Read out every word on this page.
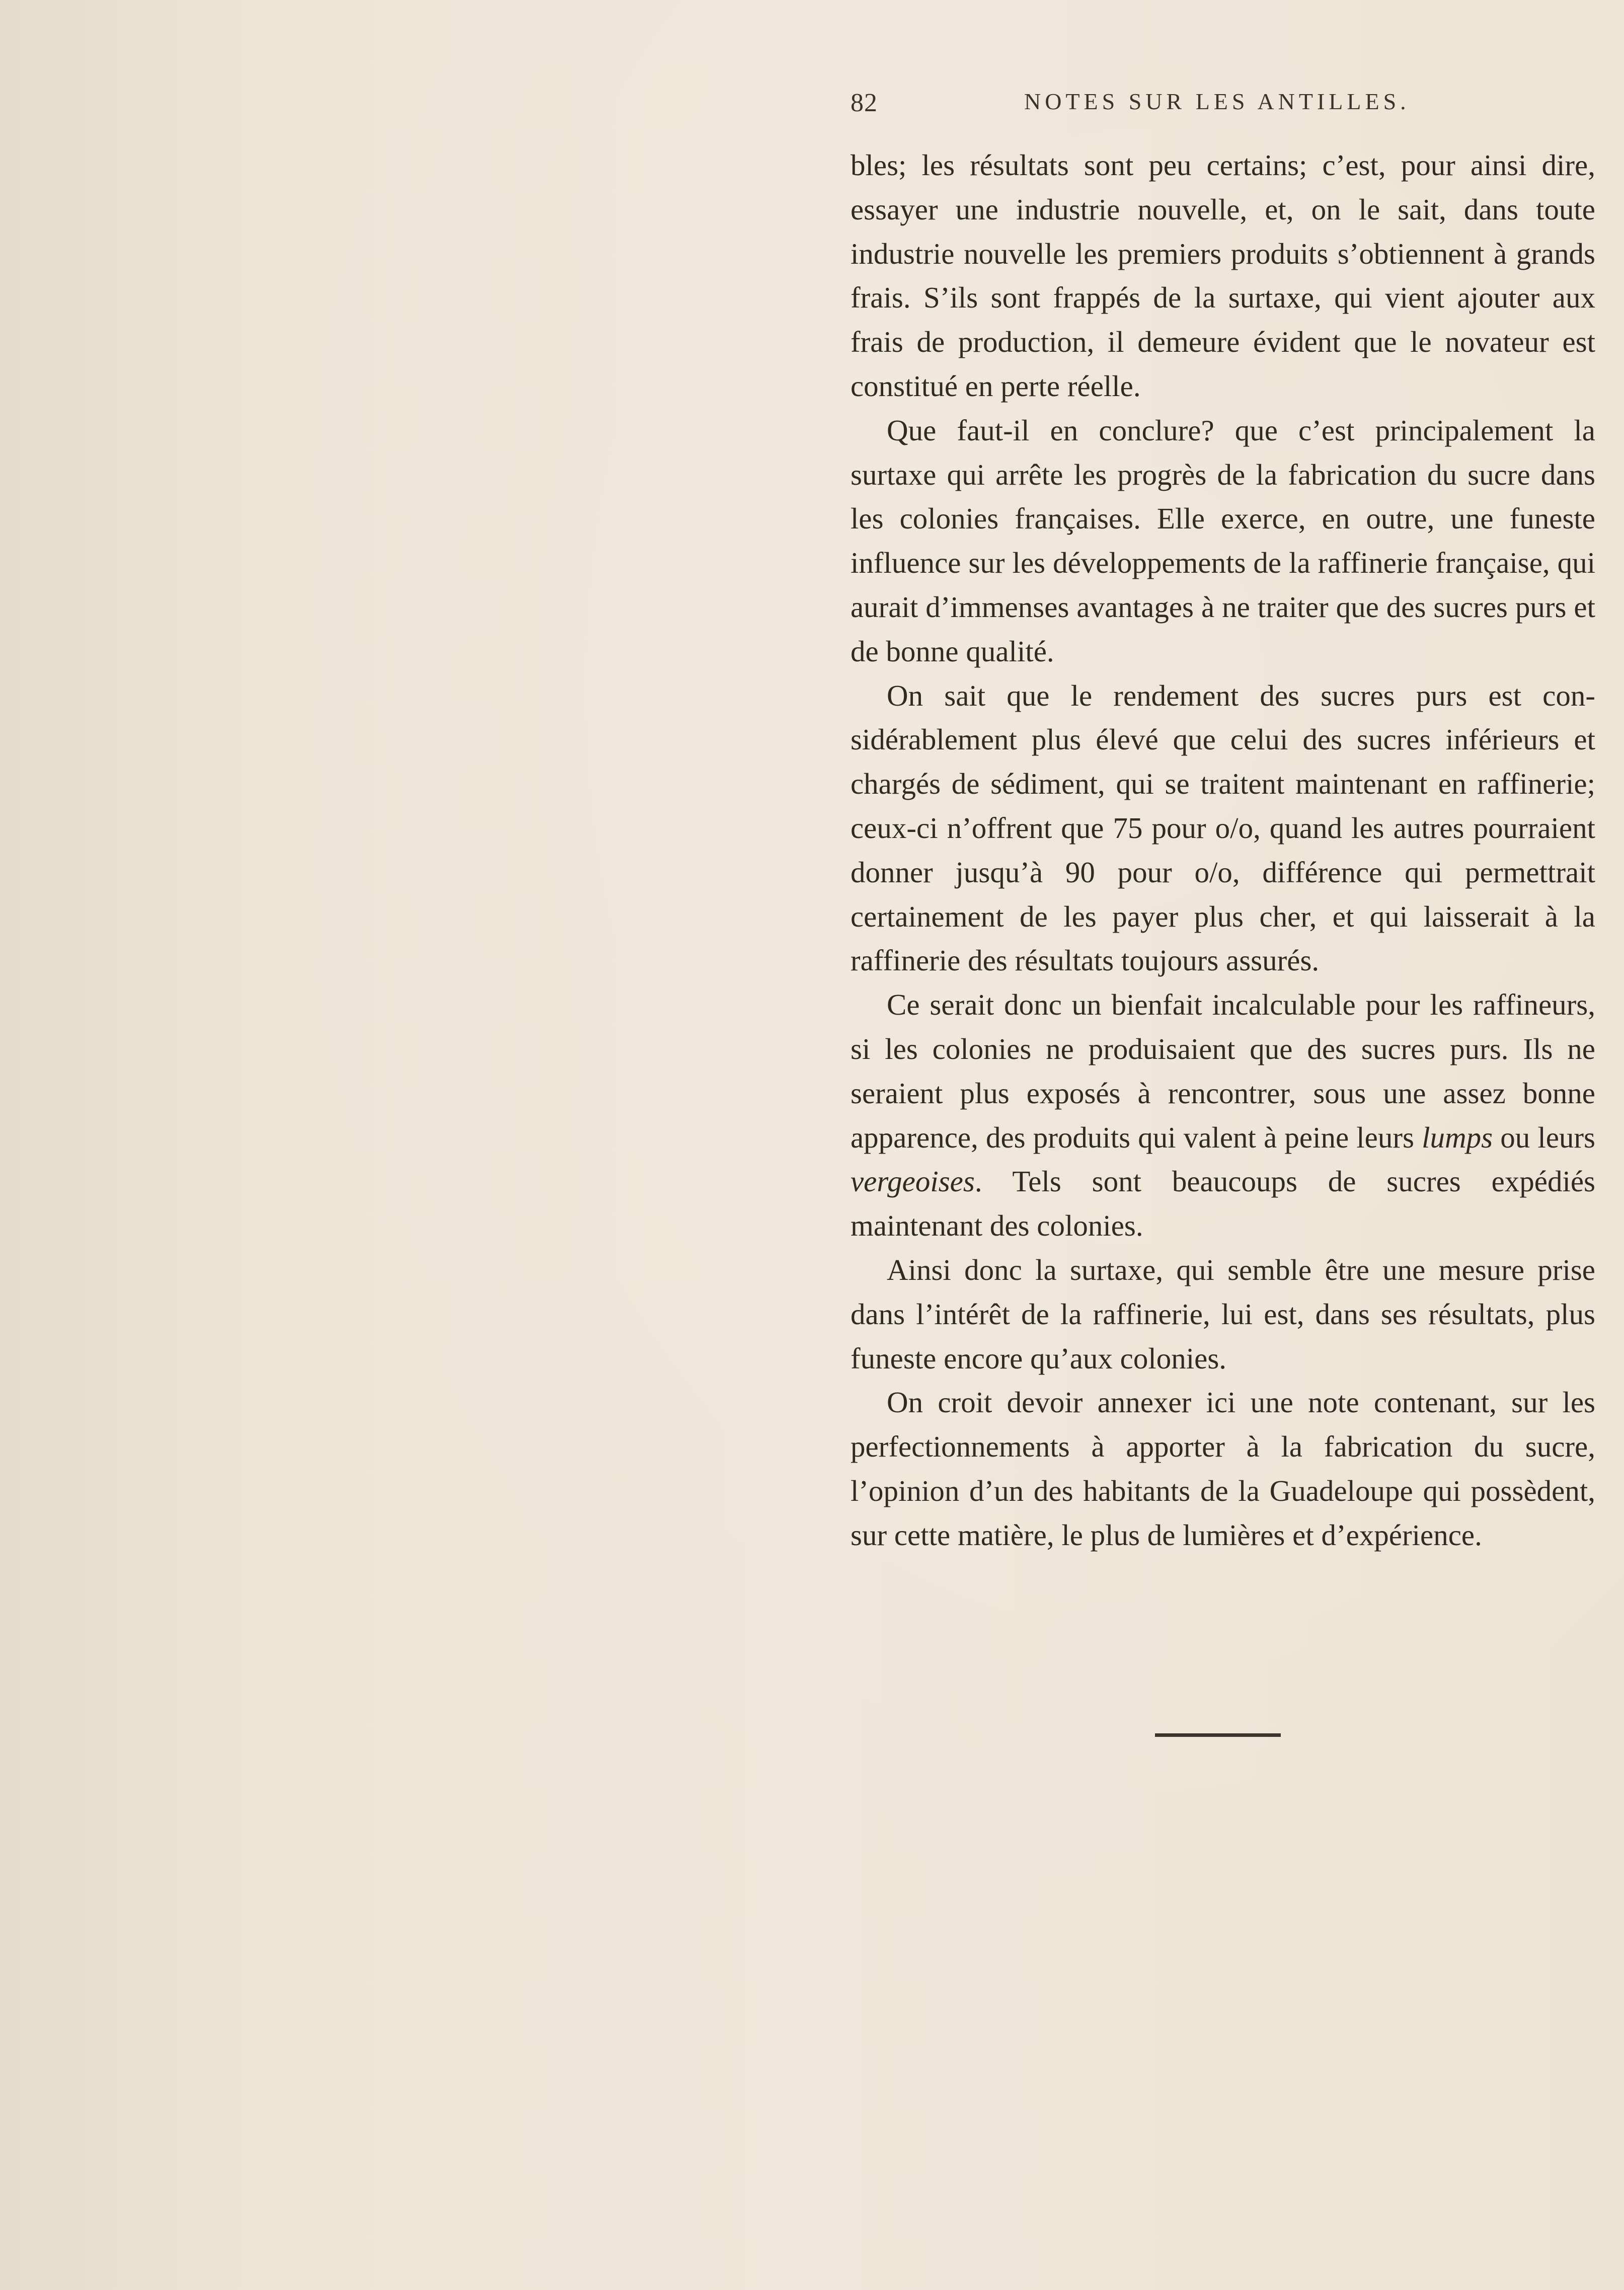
82	NOTES SUR LES ANTILLES.

bles; les résultats sont peu certains; c’est, pour ainsi dire, essayer une industrie nouvelle, et, on le sait, dans toute industrie nouvelle les premiers produits s’obtiennent à grands frais. S’ils sont frappés de la surtaxe, qui vient ajouter aux frais de production, il demeure évident que le novateur est constitué en perte réelle.

Que faut-il en conclure? que c’est principalement la surtaxe qui arrête les progrès de la fabrication du sucre dans les colonies françaises. Elle exerce, en outre, une funeste influence sur les développements de la raffinerie française, qui aurait d’immenses avantages à ne traiter que des sucres purs et de bonne qualité.

On sait que le rendement des sucres purs est considérablement plus élevé que celui des sucres inférieurs et chargés de sédiment, qui se traitent maintenant en raffinerie; ceux-ci n’offrent que 75 pour o/o, quand les autres pourraient donner jusqu’à 90 pour o/o, différence qui permettrait certainement de les payer plus cher, et qui laisserait à la raffinerie des résultats toujours assurés.

Ce serait donc un bienfait incalculable pour les raffineurs, si les colonies ne produisaient que des sucres purs. Ils ne seraient plus exposés à rencontrer, sous une assez bonne apparence, des produits qui valent à peine leurs lumps ou leurs vergeoises. Tels sont beaucoups de sucres expédiés maintenant des colonies.

Ainsi donc la surtaxe, qui semble être une mesure prise dans l’intérêt de la raffinerie, lui est, dans ses résultats, plus funeste encore qu’aux colonies.

On croit devoir annexer ici une note contenant, sur les perfectionnements à apporter à la fabrication du sucre, l’opinion d’un des habitants de la Guadeloupe qui possèdent, sur cette matière, le plus de lumières et d’expérience.
